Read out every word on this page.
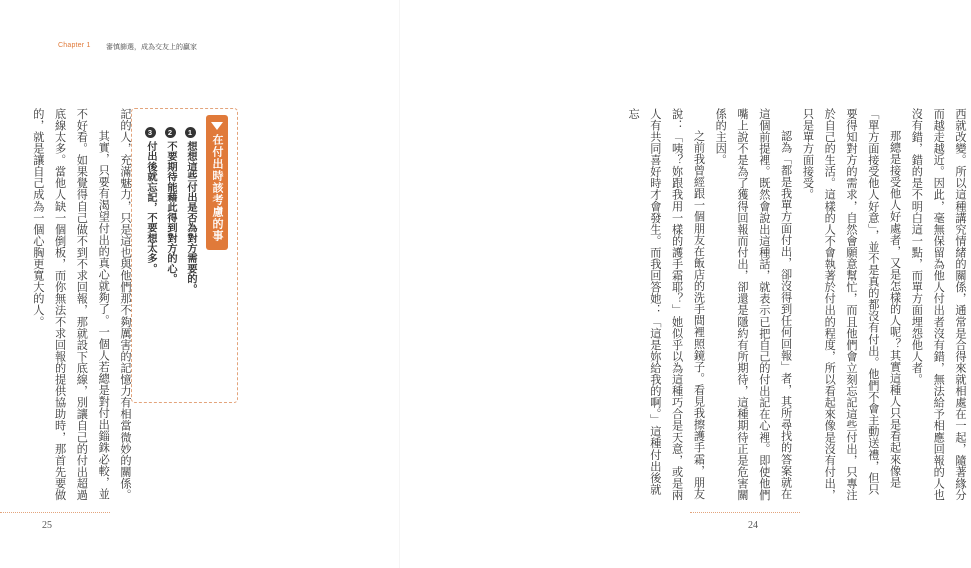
記的人，充滿魅力，只是這也與他們那不夠厲害的記憶力有相當微妙的關係。

其實，只要有渴望付出的真心就夠了。一個人若總是對付出錙銖必較，並不好看。如果覺得自己做不到不求回報，那就設下底線，別讓自己的付出超過底線太多。當他人缺一個倒板，而你無法不求回報的提供協助時，那首先要做的，就是讓自己成為一個心胸更寬大的人。	在付出時該考慮的事
1想想這些付出是否為對方需要的。
2不要期待能藉此得到對方的心。
3付出後就忘記，不要想太多。
Chapter 1 審慎篩選，成為交友上的贏家
25

西就改變。所以這種講究情緒的關係，通常是合得來就相處在一起，隨著緣分而越走越近。因此，毫無保留為他人付出者沒有錯，無法給予相應回報的人也沒有錯，錯的是不明白這一點，而單方面埋怨他人者。

那總是接受他人好處者，又是怎樣的人呢？其實這種人只是看起來像是「單方面接受他人好意」，並不是真的都沒有付出。他們不會主動送禮，但只要得知對方的需求，自然會願意幫忙，而且他們會立刻忘記這些付出，只專注於自己的生活。這樣的人不會執著於付出的程度，所以看起來像是沒有付出，只是單方面接受。

認為「都是我單方面付出，卻沒得到任何回報」者，其所尋找的答案就在這個前提裡。既然會說出這種話，就表示已把自己的付出記在心裡。即使他們嘴上說不是為了獲得回報而付出，卻還是隱約有所期待，這種期待正是危害關係的主因。

之前我曾經跟一個朋友在飯店的洗手間裡照鏡子。看見我擦護手霜，朋友說：「咦？妳跟我用一樣的護手霜耶？」她似乎以為這種巧合是天意，或是兩人有共同喜好時才會發生。而我回答她：「這是妳給我的啊。」這種付出後就忘

24
